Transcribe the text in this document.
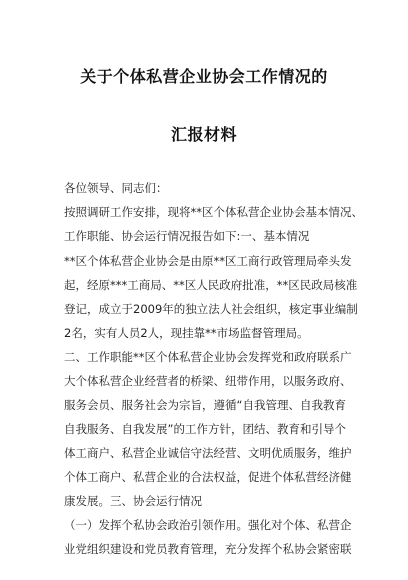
关于个体私营企业协会工作情况的
汇报材料
各位领导、同志们：
按照调研工作安排，现将**区个体私营企业协会基本情况、
工作职能、协会运行情况报告如下:一、基本情况
**区个体私营企业协会是由原**区工商行政管理局牵头发
起，经原***工商局、**区人民政府批准，**区民政局核准
登记，成立于2009年的独立法人社会组织，核定事业编制
2名，实有人员2人，现挂靠**市场监督管理局。
二、工作职能**区个体私营企业协会发挥党和政府联系广
大个体私营企业经营者的桥梁、纽带作用，以服务政府、
服务会员、服务社会为宗旨，遵循“自我管理、自我教育
自我服务、自我发展”的工作方针，团结、教育和引导个
体工商户、私营企业诚信守法经营、文明优质服务，维护
个体工商户、私营企业的合法权益，促进个体私营经济健
康发展。三、协会运行情况
（一）发挥个私协会政治引领作用。强化对个体、私营企
业党组织建设和党员教育管理，充分发挥个私协会紧密联
